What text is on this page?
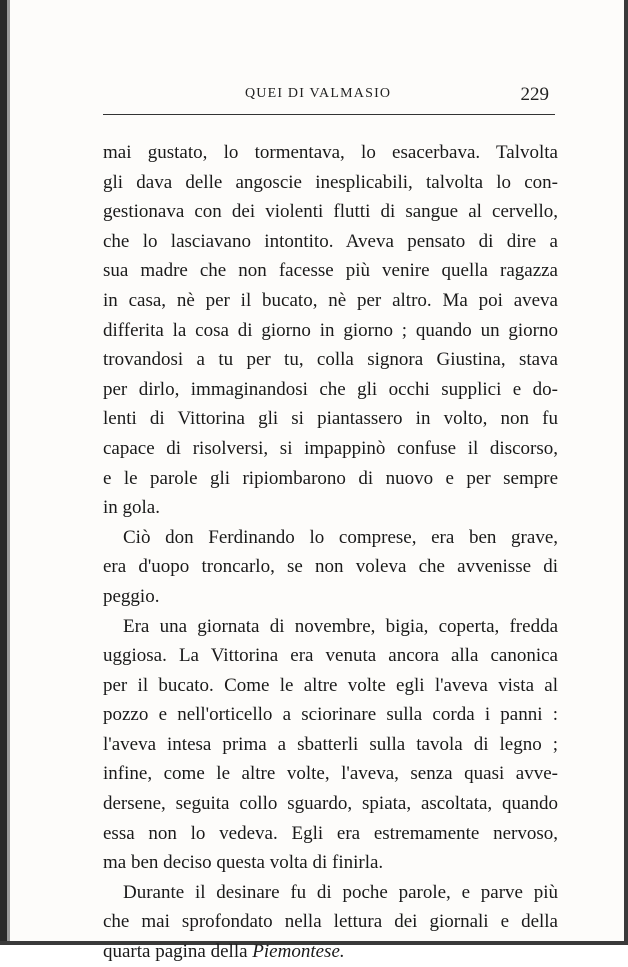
QUEI DI VALMASIO	229
mai gustato, lo tormentava, lo esacerbava. Talvolta
gli dava delle angoscie inesplicabili, talvolta lo con-
gestionava con dei violenti flutti di sangue al cervello,
che lo lasciavano intontito. Aveva pensato di dire a
sua madre che non facesse più venire quella ragazza
in casa, nè per il bucato, nè per altro. Ma poi aveva
differita la cosa di giorno in giorno ; quando un giorno
trovandosi a tu per tu, colla signora Giustina, stava
per dirlo, immaginandosi che gli occhi supplici e do-
lenti di Vittorina gli si piantassero in volto, non fu
capace di risolversi, si impappinò confuse il discorso,
e le parole gli ripiombarono di nuovo e per sempre
in gola.
Ciò don Ferdinando lo comprese, era ben grave,
era d'uopo troncarlo, se non voleva che avvenisse di
peggio.
Era una giornata di novembre, bigia, coperta, fredda
uggiosa. La Vittorina era venuta ancora alla canonica
per il bucato. Come le altre volte egli l'aveva vista al
pozzo e nell'orticello a sciorinare sulla corda i panni :
l'aveva intesa prima a sbatterli sulla tavola di legno ;
infine, come le altre volte, l'aveva, senza quasi avve-
dersene, seguita collo sguardo, spiata, ascoltata, quando
essa non lo vedeva. Egli era estremamente nervoso,
ma ben deciso questa volta di finirla.
Durante il desinare fu di poche parole, e parve più
che mai sprofondato nella lettura dei giornali e della
quarta pagina della Piemontese.
